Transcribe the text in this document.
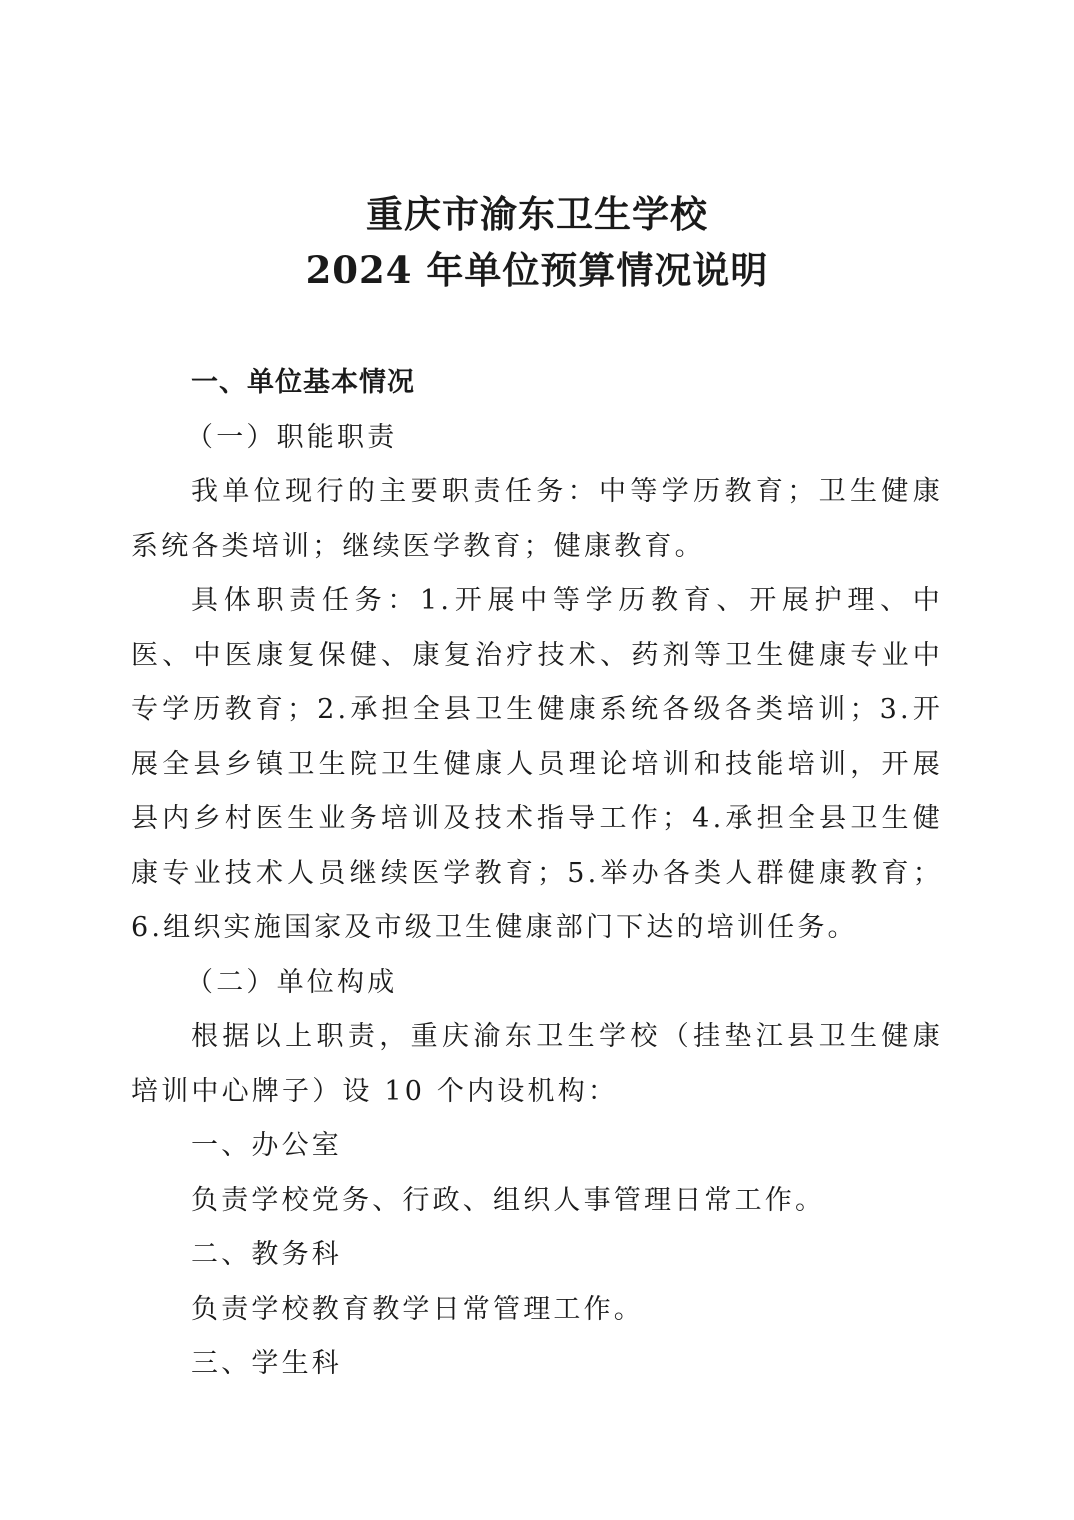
重庆市渝东卫生学校
2024 年单位预算情况说明

一、单位基本情况

（一）职能职责

我单位现行的主要职责任务：中等学历教育；卫生健康系统各类培训；继续医学教育；健康教育。

具体职责任务：1.开展中等学历教育、开展护理、中医、中医康复保健、康复治疗技术、药剂等卫生健康专业中专学历教育；2.承担全县卫生健康系统各级各类培训；3.开展全县乡镇卫生院卫生健康人员理论培训和技能培训，开展县内乡村医生业务培训及技术指导工作；4.承担全县卫生健康专业技术人员继续医学教育；5.举办各类人群健康教育；6.组织实施国家及市级卫生健康部门下达的培训任务。

（二）单位构成

根据以上职责，重庆渝东卫生学校（挂垫江县卫生健康培训中心牌子）设 10 个内设机构：

一、办公室

负责学校党务、行政、组织人事管理日常工作。

二、教务科

负责学校教育教学日常管理工作。

三、学生科
